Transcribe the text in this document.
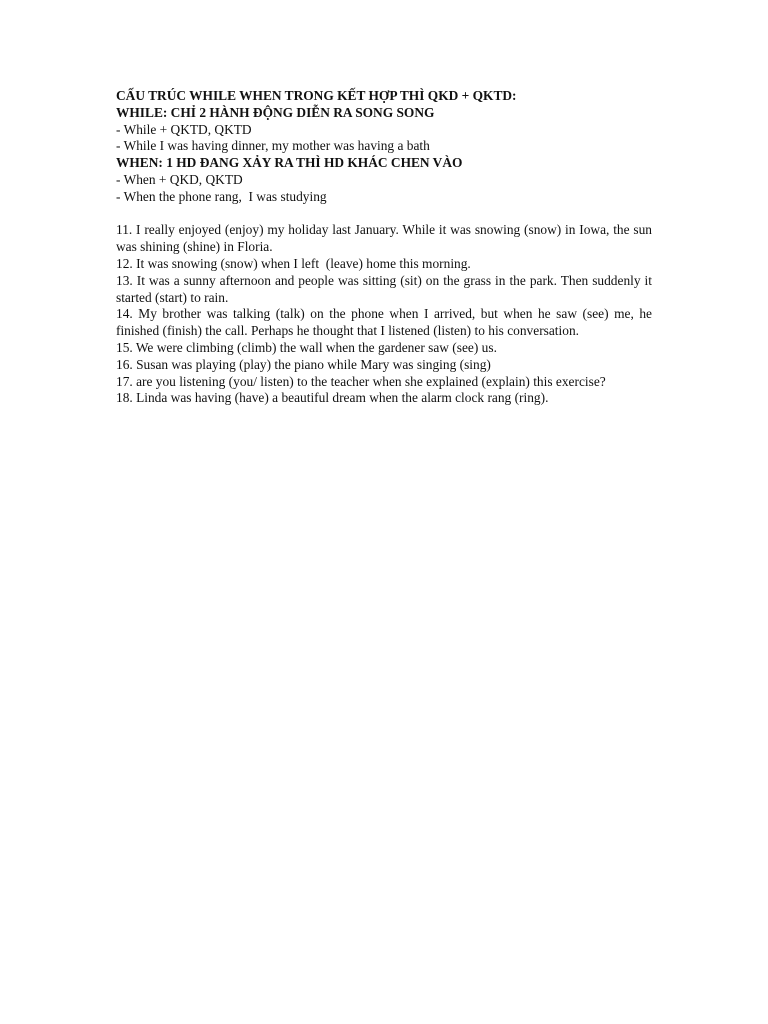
CẤU TRÚC WHILE WHEN TRONG KẾT HỢP THÌ QKD + QKTD:

WHILE: CHỈ 2 HÀNH ĐỘNG DIỄN RA SONG SONG

- While + QKTD, QKTD

- While I was having dinner, my mother was having a bath

WHEN: 1 HD ĐANG XẢY RA THÌ HD KHÁC CHEN VÀO

- When + QKD, QKTD

- When the phone rang,  I was studying

11. I really enjoyed (enjoy) my holiday last January. While it was snowing (snow) in Iowa, the sun was shining (shine) in Floria.

12. It was snowing (snow) when I left  (leave) home this morning.

13. It was a sunny afternoon and people was sitting (sit) on the grass in the park. Then suddenly it started (start) to rain.

14. My brother was talking (talk) on the phone when I arrived, but when he saw (see) me, he finished (finish) the call. Perhaps he thought that I listened (listen) to his conversation.

15. We were climbing (climb) the wall when the gardener saw (see) us.

16. Susan was playing (play) the piano while Mary was singing (sing)

17. are you listening (you/ listen) to the teacher when she explained (explain) this exercise?

18. Linda was having (have) a beautiful dream when the alarm clock rang (ring).
